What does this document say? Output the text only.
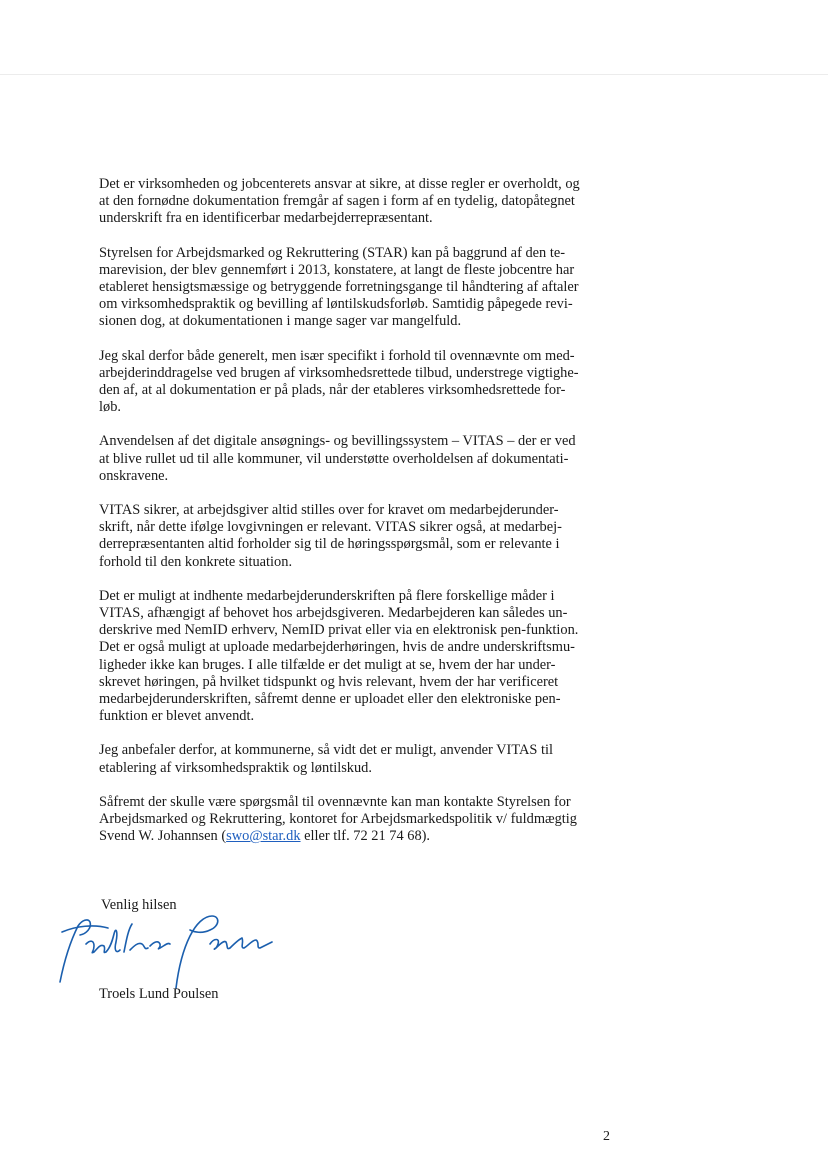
Det er virksomheden og jobcenterets ansvar at sikre, at disse regler er overholdt, og
at den fornødne dokumentation fremgår af sagen i form af en tydelig, datopåtegnet
underskrift fra en identificerbar medarbejderrepræsentant.

Styrelsen for Arbejdsmarked og Rekruttering (STAR) kan på baggrund af den te-
marevision, der blev gennemført i 2013, konstatere, at langt de fleste jobcentre har
etableret hensigtsmæssige og betryggende forretningsgange til håndtering af aftaler
om virksomhedspraktik og bevilling af løntilskudsforløb. Samtidig påpegede revi-
sionen dog, at dokumentationen i mange sager var mangelfuld.

Jeg skal derfor både generelt, men især specifikt i forhold til ovennævnte om med-
arbejderinddragelse ved brugen af virksomhedsrettede tilbud, understrege vigtighe-
den af, at al dokumentation er på plads, når der etableres virksomhedsrettede for-
løb.

Anvendelsen af det digitale ansøgnings- og bevillingssystem – VITAS – der er ved
at blive rullet ud til alle kommuner, vil understøtte overholdelsen af dokumentati-
onskravene.

VITAS sikrer, at arbejdsgiver altid stilles over for kravet om medarbejderunder-
skrift, når dette ifølge lovgivningen er relevant. VITAS sikrer også, at medarbej-
derrepræsentanten altid forholder sig til de høringsspørgsmål, som er relevante i
forhold til den konkrete situation.

Det er muligt at indhente medarbejderunderskriften på flere forskellige måder i
VITAS, afhængigt af behovet hos arbejdsgiveren. Medarbejderen kan således un-
derskrive med NemID erhverv, NemID privat eller via en elektronisk pen-funktion.
Det er også muligt at uploade medarbejderhøringen, hvis de andre underskriftsmu-
ligheder ikke kan bruges. I alle tilfælde er det muligt at se, hvem der har under-
skrevet høringen, på hvilket tidspunkt og hvis relevant, hvem der har verificeret
medarbejderunderskriften, såfremt denne er uploadet eller den elektroniske pen-
funktion er blevet anvendt.

Jeg anbefaler derfor, at kommunerne, så vidt det er muligt, anvender VITAS til
etablering af virksomhedspraktik og løntilskud.

Såfremt der skulle være spørgsmål til ovennævnte kan man kontakte Styrelsen for
Arbejdsmarked og Rekruttering, kontoret for Arbejdsmarkedspolitik v/ fuldmægtig
Svend W. Johannsen (swo@star.dk eller tlf. 72 21 74 68).

Venlig hilsen
Troels Lund Poulsen
2
